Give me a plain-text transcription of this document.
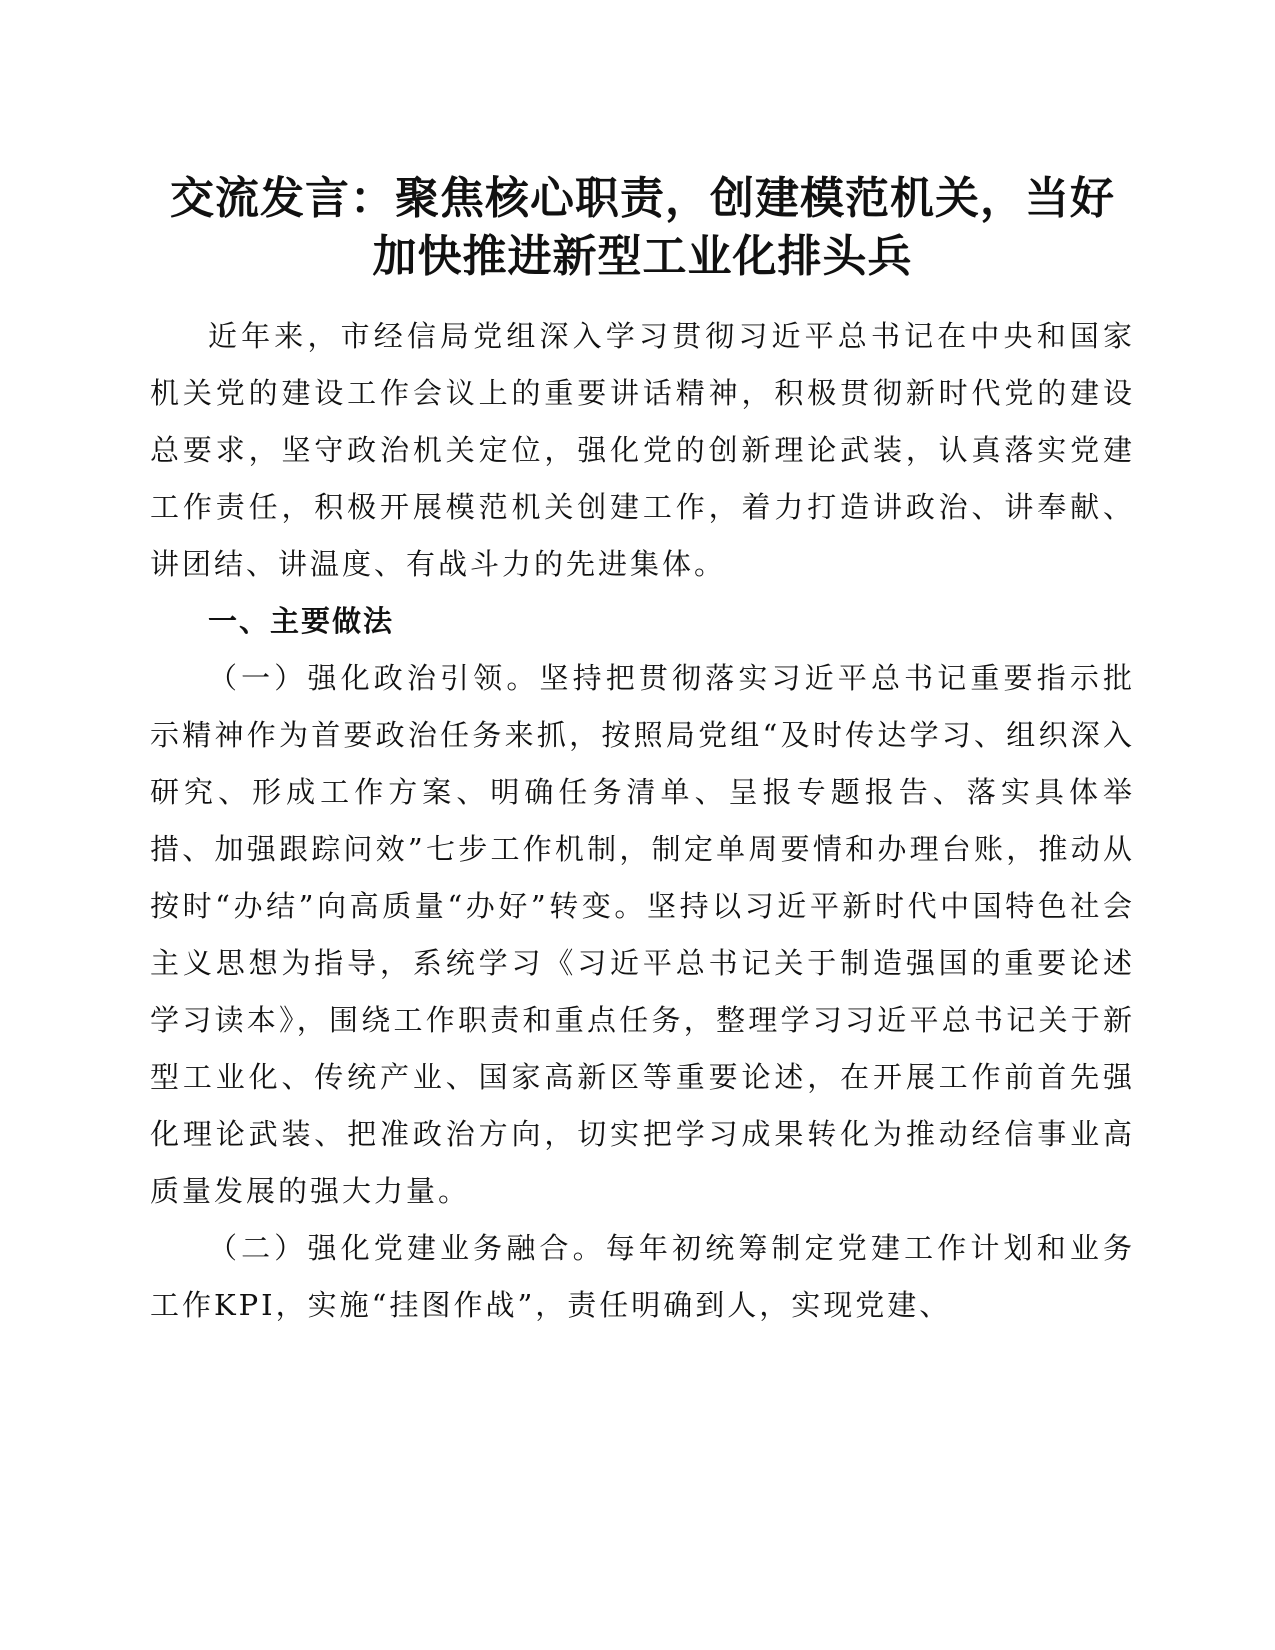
交流发言：聚焦核心职责，创建模范机关，当好加快推进新型工业化排头兵

近年来，市经信局党组深入学习贯彻习近平总书记在中央和国家机关党的建设工作会议上的重要讲话精神，积极贯彻新时代党的建设总要求，坚守政治机关定位，强化党的创新理论武装，认真落实党建工作责任，积极开展模范机关创建工作，着力打造讲政治、讲奉献、讲团结、讲温度、有战斗力的先进集体。

一、主要做法

（一）强化政治引领。坚持把贯彻落实习近平总书记重要指示批示精神作为首要政治任务来抓，按照局党组“及时传达学习、组织深入研究、形成工作方案、明确任务清单、呈报专题报告、落实具体举措、加强跟踪问效”七步工作机制，制定单周要情和办理台账，推动从按时“办结”向高质量“办好”转变。坚持以习近平新时代中国特色社会主义思想为指导，系统学习《习近平总书记关于制造强国的重要论述学习读本》，围绕工作职责和重点任务，整理学习习近平总书记关于新型工业化、传统产业、国家高新区等重要论述，在开展工作前首先强化理论武装、把准政治方向，切实把学习成果转化为推动经信事业高质量发展的强大力量。

（二）强化党建业务融合。每年初统筹制定党建工作计划和业务工作KPI，实施“挂图作战”，责任明确到人，实现党建、
